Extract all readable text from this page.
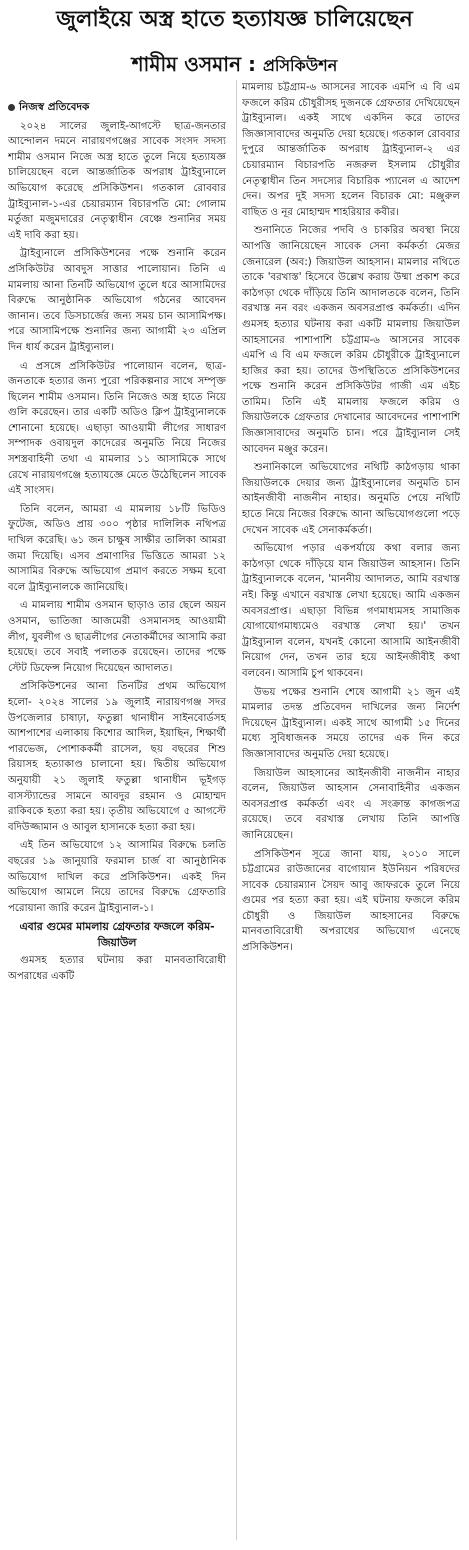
জুলাইয়ে অস্ত্র হাতে হত্যাযজ্ঞ চালিয়েছেন
শামীম ওসমান : প্রসিকিউশন
নিজস্ব প্রতিবেদক

২০২৪ সালের জুলাই-আগস্টে ছাত্র-জনতার আন্দোলন দমনে নারায়ণগঞ্জের সাবেক সংসদ সদস্য শামীম ওসমান নিজে অস্ত্র হাতে তুলে নিয়ে হত্যাযজ্ঞ চালিয়েছেন বলে আন্তর্জাতিক অপরাধ ট্রাইব্যুনালে অভিযোগ করেছে প্রসিকিউশন। গতকাল রোববার ট্রাইব্যুনাল-১-এর চেয়ারম্যান বিচারপতি মো: গোলাম মর্তুজা মজুমদারের নেতৃত্বাধীন বেঞ্চে শুনানির সময় এই দাবি করা হয়।

ট্রাইব্যুনালে প্রসিকিউশনের পক্ষে শুনানি করেন প্রসিকিউটর আবদুস সাত্তার পালোয়ান। তিনি এ মামলায় আনা তিনটি অভিযোগ তুলে ধরে আসামিদের বিরুদ্ধে আনুষ্ঠানিক অভিযোগ গঠনের আবেদন জানান। তবে ডিসচার্জের জন্য সময় চান আসামিপক্ষ। পরে আসামিপক্ষে শুনানির জন্য আগামী ২৩ এপ্রিল দিন ধার্য করেন ট্রাইব্যুনাল।

এ প্রসঙ্গে প্রসিকিউটর পালোয়ান বলেন, ছাত্র-জনতাকে হত্যার জন্য পুরো পরিকল্পনার সাথে সম্পৃক্ত ছিলেন শামীম ওসমান। তিনি নিজেও অস্ত্র হাতে নিয়ে গুলি করেছেন। তার একটি অডিও ক্লিপ ট্রাইব্যুনালকে শোনানো হয়েছে। এছাড়া আওয়ামী লীগের সাধারণ সম্পাদক ওবায়দুল কাদেরের অনুমতি নিয়ে নিজের সশস্ত্রবাহিনী তথা এ মামলার ১১ আসামিকে সাথে রেখে নারায়ণগঞ্জে হত্যাযজ্ঞে মেতে উঠেছিলেন সাবেক এই সাংসদ।

তিনি বলেন, আমরা এ মামলায় ১৮টি ভিডিও ফুটেজ, অডিও প্রায় ৩০০ পৃষ্ঠার দালিলিক নথিপত্র দাখিল করেছি। ৬১ জন চাক্ষুষ সাক্ষীর তালিকা আমরা জমা দিয়েছি। এসব প্রমাণাদির ভিত্তিতে আমরা ১২ আসামির বিরুদ্ধে অভিযোগ প্রমাণ করতে সক্ষম হবো বলে ট্রাইব্যুনালকে জানিয়েছি।

এ মামলায় শামীম ওসমান ছাড়াও তার ছেলে অয়ন ওসমান, ভাতিজা আজমেরী ওসমানসহ আওয়ামী লীগ, যুবলীগ ও ছাত্রলীগের নেতাকর্মীদের আসামি করা হয়েছে। তবে সবাই পলাতক রয়েছেন। তাদের পক্ষে স্টেট ডিফেন্স নিয়োগ দিয়েছেন আদালত।

প্রসিকিউশনের আনা তিনটির প্রথম অভিযোগ হলো- ২০২৪ সালের ১৯ জুলাই নারায়ণগঞ্জ সদর উপজেলার চাষাঢ়া, ফতুল্লা থানাধীন সাইনবোর্ডসহ আশপাশের এলাকায় কিশোর আদিল, ইয়াছিন, শিক্ষার্থী পারভেজ, পোশাককর্মী রাসেল, ছয় বছরের শিশু রিয়াসহ হত্যাকাণ্ড চালানো হয়। দ্বিতীয় অভিযোগ অনুযায়ী ২১ জুলাই ফতুল্লা থানাধীন ভূইগড় বাসস্ট্যান্ডের সামনে আবদুর রহমান ও মোহাম্মদ রাকিবকে হত্যা করা হয়। তৃতীয় অভিযোগে ৫ আগস্টে বদিউজ্জামান ও আবুল হাসানকে হত্যা করা হয়।

এই তিন অভিযোগে ১২ আসামির বিরুদ্ধে চলতি বছরের ১৯ জানুয়ারি ফরমাল চার্জ বা আনুষ্ঠানিক অভিযোগ দাখিল করে প্রসিকিউশন। একই দিন অভিযোগ আমলে নিয়ে তাদের বিরুদ্ধে গ্রেফতারি পরোয়ানা জারি করেন ট্রাইব্যুনাল-১।

এবার গুমের মামলায় গ্রেফতার ফজলে করিম-জিয়াউল

গুমসহ হত্যার ঘটনায় করা মানবতাবিরোধী অপরাধের একটি

মামলায় চট্টগ্রাম-৬ আসনের সাবেক এমপি এ বি এম ফজলে করিম চৌধুরীসহ দুজনকে গ্রেফতার দেখিয়েছেন ট্রাইব্যুনাল। একই সাথে একদিন করে তাদের জিজ্ঞাসাবাদের অনুমতি দেয়া হয়েছে। গতকাল রোববার দুপুরে আন্তর্জাতিক অপরাধ ট্রাইব্যুনাল-২ এর চেয়ারম্যান বিচারপতি নজরুল ইসলাম চৌধুরীর নেতৃত্বাধীন তিন সদস্যের বিচারিক প্যানেল এ আদেশ দেন। অপর দুই সদস্য হলেন বিচারক মো: মঞ্জুরুল বাছিত ও নূর মোহাম্মদ শাহরিয়ার কবীর।

শুনানিতে নিজের পদবি ও চাকরির অবস্থা নিয়ে আপত্তি জানিয়েছেন সাবেক সেনা কর্মকর্তা মেজর জেনারেল (অব:) জিয়াউল আহসান। মামলার নথিতে তাকে 'বরখাস্ত' হিসেবে উল্লেখ করায় উষ্মা প্রকাশ করে কাঠগড়া থেকে দাঁড়িয়ে তিনি আদালতকে বলেন, তিনি বরখাস্ত নন বরং একজন অবসরপ্রাপ্ত কর্মকর্তা। এদিন গুমসহ হত্যার ঘটনায় করা একটি মামলায় জিয়াউল আহসানের পাশাপাশি চট্টগ্রাম-৬ আসনের সাবেক এমপি এ বি এম ফজলে করিম চৌধুরীকে ট্রাইব্যুনালে হাজির করা হয়। তাদের উপস্থিতিতে প্রসিকিউশনের পক্ষে শুনানি করেন প্রসিকিউটর গাজী এম এইচ তামিম। তিনি এই মামলায় ফজলে করিম ও জিয়াউলকে গ্রেফতার দেখানোর আবেদনের পাশাপাশি জিজ্ঞাসাবাদের অনুমতি চান। পরে ট্রাইব্যুনাল সেই আবেদন মঞ্জুর করেন।

শুনানিকালে অভিযোগের নথিটি কাঠগড়ায় থাকা জিয়াউলকে দেয়ার জন্য ট্রাইব্যুনালের অনুমতি চান আইনজীবী নাজনীন নাহার। অনুমতি পেয়ে নথিটি হাতে নিয়ে নিজের বিরুদ্ধে আনা অভিযোগগুলো পড়ে দেখেন সাবেক এই সেনাকর্মকর্তা।

অভিযোগ পড়ার একপর্যায়ে কথা বলার জন্য কাঠগড়া থেকে দাঁড়িয়ে যান জিয়াউল আহসান। তিনি ট্রাইব্যুনালকে বলেন, 'মাননীয় আদালত, আমি বরখাস্ত নই। কিন্তু এখানে বরখাস্ত লেখা হয়েছে। আমি একজন অবসরপ্রাপ্ত। এছাড়া বিভিন্ন গণমাধ্যমসহ সামাজিক যোগাযোগমাধ্যমেও বরখাস্ত লেখা হয়।' তখন ট্রাইব্যুনাল বলেন, যখনই কোনো আসামি আইনজীবী নিয়োগ দেন, তখন তার হয়ে আইনজীবীই কথা বলবেন। আসামি চুপ থাকবেন।

উভয় পক্ষের শুনানি শেষে আগামী ২১ জুন এই মামলার তদন্ত প্রতিবেদন দাখিলের জন্য নির্দেশ দিয়েছেন ট্রাইব্যুনাল। একই সাথে আগামী ১৫ দিনের মধ্যে সুবিধাজনক সময়ে তাদের এক দিন করে জিজ্ঞাসাবাদের অনুমতি দেয়া হয়েছে।

জিয়াউল আহসানের আইনজীবী নাজনীন নাহার বলেন, জিয়াউল আহসান সেনাবাহিনীর একজন অবসরপ্রাপ্ত কর্মকর্তা এবং এ সংক্রান্ত কাগজপত্র রয়েছে। তবে বরখাস্ত লেখায় তিনি আপত্তি জানিয়েছেন।

প্রসিকিউশন সূত্রে জানা যায়, ২০১০ সালে চট্টগ্রামের রাউজানের বাগোয়ান ইউনিয়ন পরিষদের সাবেক চেয়ারম্যান সৈয়দ আবু জাফরকে তুলে নিয়ে গুমের পর হত্যা করা হয়। এই ঘটনায় ফজলে করিম চৌধুরী ও জিয়াউল আহসানের বিরুদ্ধে মানবতাবিরোধী অপরাধের অভিযোগ এনেছে প্রসিকিউশন।
